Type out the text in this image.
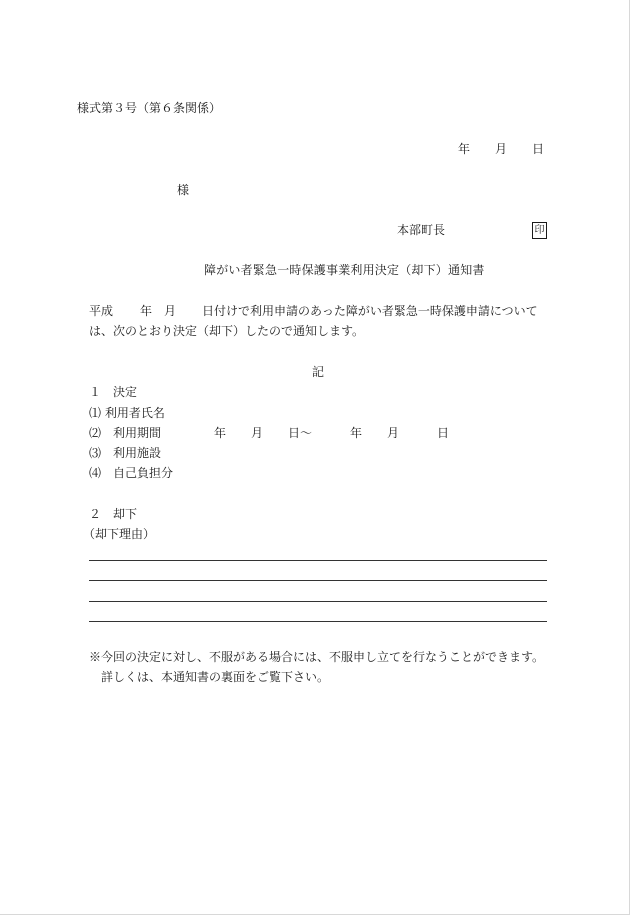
様式第３号（第６条関係）
年 月 日
様
本部町長	印
障がい者緊急一時保護事業利用決定（却下）通知書
平成 年 月 日付けで利用申請のあった障がい者緊急一時保護申請について
は、次のとおり決定（却下）したので通知します。
記
１　決定
⑴ 利用者氏名
⑵　利用期間	年 月 日～	年 月	日
⑶　利用施設
⑷　自己負担分
２　却下
（却下理由）
※今回の決定に対し、不服がある場合には、不服申し立てを行なうことができます。
詳しくは、本通知書の裏面をご覧下さい。
